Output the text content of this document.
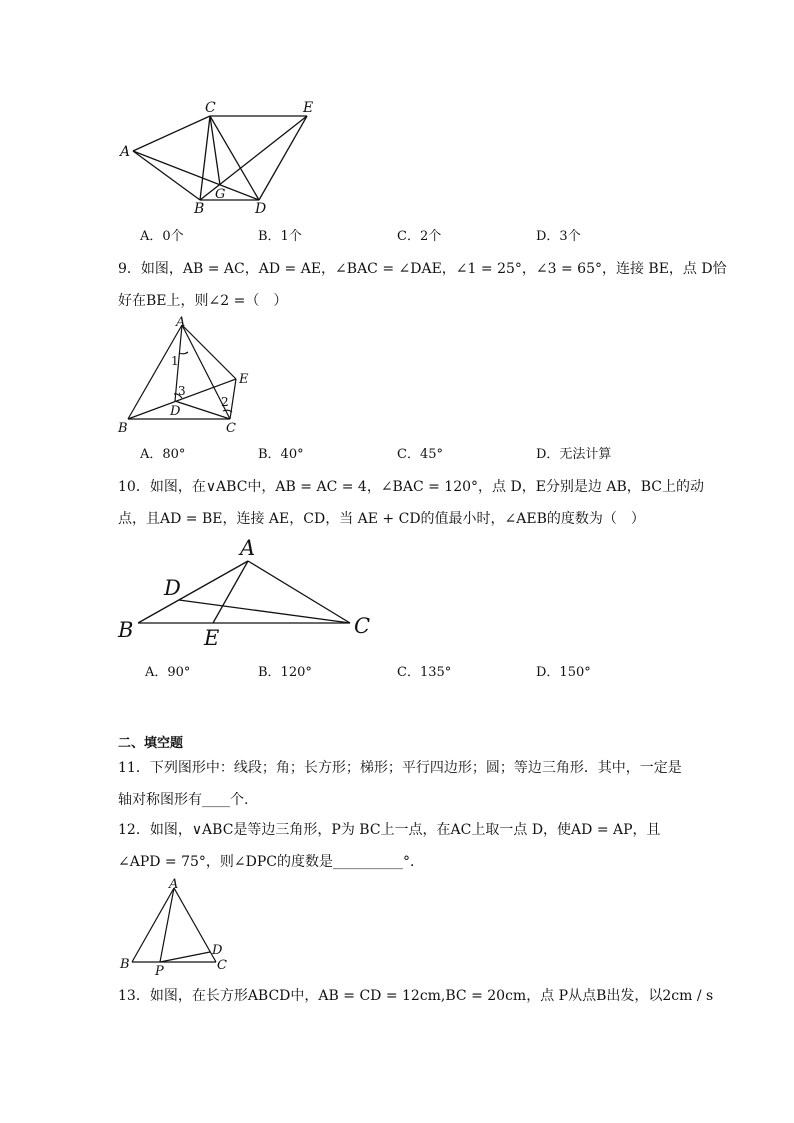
A
C	E
B
G
D
A．0个	B．1个	C．2个	D．3个
9．如图，AB = AC，AD = AE，∠BAC = ∠DAE，∠1 = 25°，∠3 = 65°，连接 BE，点 D恰
好在BE上，则∠2 =（　）
A
1
3
E
2
D
B	C
A．80°	B．40°	C．45°	D．无法计算
10．如图，在∨ABC中，AB = AC = 4，∠BAC = 120°，点 D，E分别是边 AB，BC上的动
点，且AD = BE，连接 AE，CD，当 AE + CD的值最小时，∠AEB的度数为（　）
A
D
B	E	C
A．90°	B．120°	C．135°	D．150°
二、填空题
11．下列图形中：线段；角；长方形；梯形；平行四边形；圆；等边三角形．其中，一定是
轴对称图形有____个.
12．如图，∨ABC是等边三角形，P为 BC上一点，在AC上取一点 D，使AD = AP，且
∠APD = 75°，则∠DPC的度数是__________°．
A
D
B	C
P
13．如图，在长方形ABCD中，AB = CD = 12cm,BC = 20cm，点 P从点B出发，以2cm / s
